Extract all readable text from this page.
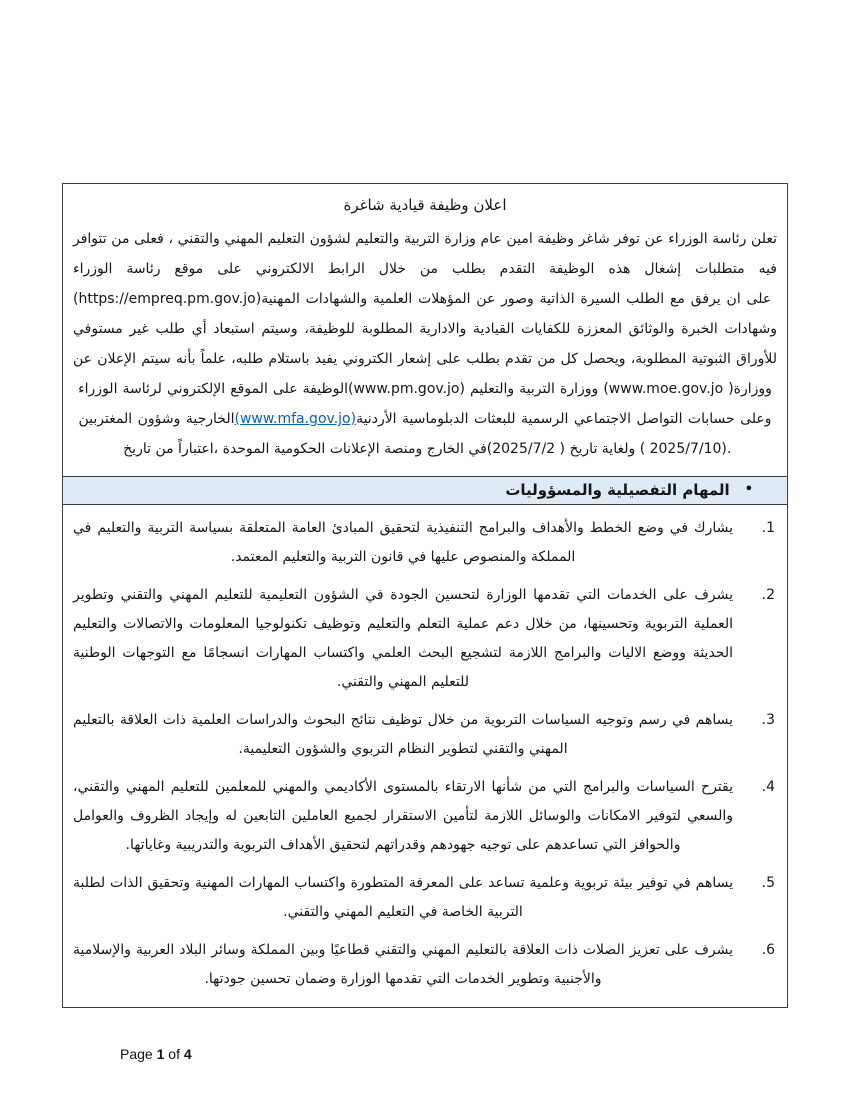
اعلان وظيفة قيادية شاغرة
تعلن رئاسة الوزراء عن توفر شاغر وظيفة امين عام وزارة التربية والتعليم لشؤون التعليم المهني والتقني ، فعلى من تتوافر فيه متطلبات إشغال هذه الوظيفة التقدم بطلب من خلال الرابط الالكتروني على موقع رئاسة الوزراء (https://empreq.pm.gov.jo) على ان يرفق مع الطلب السيرة الذاتية وصور عن المؤهلات العلمية والشهادات المهنية وشهادات الخبرة والوثائق المعززة للكفايات القيادية والادارية المطلوبة للوظيفة، وسيتم استبعاد أي طلب غير مستوفي للأوراق الثبوتية المطلوبة، ويحصل كل من تقدم بطلب على إشعار الكتروني يفيد باستلام طلبه، علماً بأنه سيتم الإعلان عن الوظيفة على الموقع الإلكتروني لرئاسة الوزراء (www.pm.gov.jo) ووزارة التربية والتعليم (www.moe.gov.jo ) ووزارة الخارجية وشؤون المغتربين (www.mfa.gov.jo) وعلى حسابات التواصل الاجتماعي الرسمية للبعثات الدبلوماسية الأردنية في الخارج ومنصة الإعلانات الحكومية الموحدة ،اعتباراً من تاريخ (2025/7/2 ) ولغاية تاريخ ( 2025/7/10).
•
المهام التفصيلية والمسؤوليات
1.
يشارك في وضع الخطط والأهداف والبرامج التنفيذية لتحقيق المبادئ العامة المتعلقة بسياسة التربية والتعليم في المملكة والمنصوص عليها في قانون التربية والتعليم المعتمد.
2.
يشرف على الخدمات التي تقدمها الوزارة لتحسين الجودة في الشؤون التعليمية للتعليم المهني والتقني وتطوير العملية التربوية وتحسينها، من خلال دعم عملية التعلم والتعليم وتوظيف تكنولوجيا المعلومات والاتصالات والتعليم الحديثة ووضع الاليات والبرامج اللازمة لتشجيع البحث العلمي واكتساب المهارات انسجامًا مع التوجهات الوطنية للتعليم المهني والتقني.
3.
يساهم في رسم وتوجيه السياسات التربوية من خلال توظيف نتائج البحوث والدراسات العلمية ذات العلاقة بالتعليم المهني والتقني لتطوير النظام التربوي والشؤون التعليمية.
4.
يقترح السياسات والبرامج التي من شأنها الارتقاء بالمستوى الأكاديمي والمهني للمعلمين للتعليم المهني والتقني، والسعي لتوفير الامكانات والوسائل اللازمة لتأمين الاستقرار لجميع العاملين التابعين له وإيجاد الظروف والعوامل والحوافز التي تساعدهم على توجيه جهودهم وقدراتهم لتحقيق الأهداف التربوية والتدريبية وغاياتها.
5.
يساهم في توفير بيئة تربوية وعلمية تساعد على المعرفة المتطورة واكتساب المهارات المهنية وتحقيق الذات لطلبة التربية الخاصة في التعليم المهني والتقني.
6.
يشرف على تعزيز الصلات ذات العلاقة بالتعليم المهني والتقني قطاعيًا وبين المملكة وسائر البلاد العربية والإسلامية والأجنبية وتطوير الخدمات التي تقدمها الوزارة وضمان تحسين جودتها.
Page 1 of 4
